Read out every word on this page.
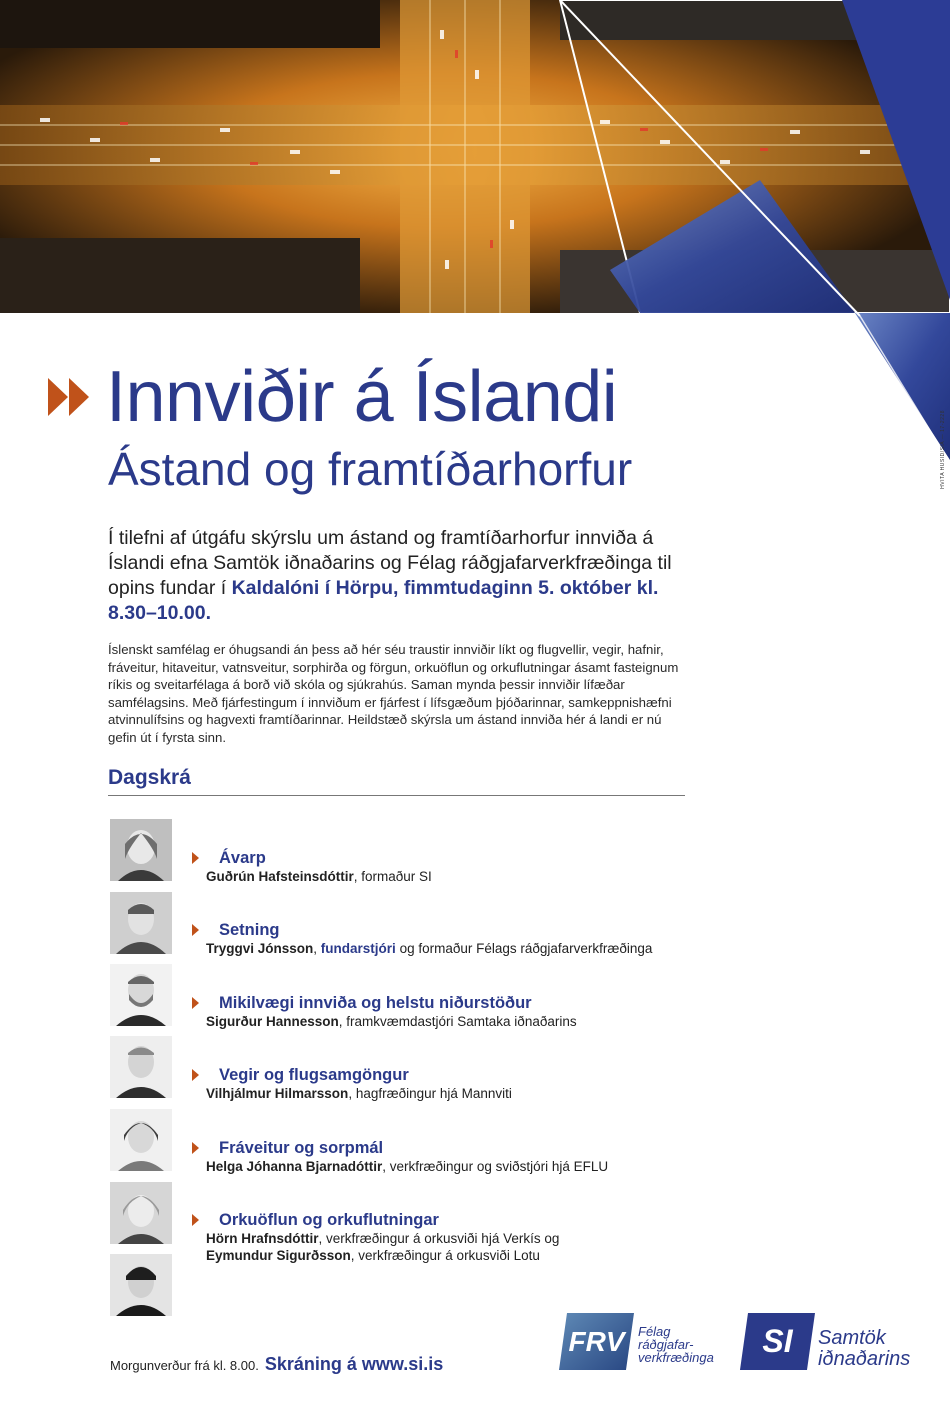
HVITA HUSID/SIA — 17-2228
Innviðir á Íslandi
Ástand og framtíðarhorfur

Í tilefni af útgáfu skýrslu um ástand og framtíðarhorfur innviða á Íslandi efna Samtök iðnaðarins og Félag ráðgjafarverkfræðinga til opins fundar í Kaldalóni í Hörpu, fimmtudaginn 5. október kl. 8.30–10.00.

Íslenskt samfélag er óhugsandi án þess að hér séu traustir innviðir líkt og flugvellir, vegir, hafnir, fráveitur, hitaveitur, vatnsveitur, sorphirða og förgun, orkuöflun og orkuflutningar ásamt fasteignum ríkis og sveitarfélaga á borð við skóla og sjúkrahús. Saman mynda þessir innviðir lífæðar samfélagsins. Með fjárfestingum í innviðum er fjárfest í lífsgæðum þjóðarinnar, samkeppnishæfni atvinnulífsins og hagvexti framtíðarinnar. Heildstæð skýrsla um ástand innviða hér á landi er nú gefin út í fyrsta sinn.

Dagskrá
Ávarp
Guðrún Hafsteinsdóttir, formaður SI
Setning
Tryggvi Jónsson, fundarstjóri og formaður Félags ráðgjafarverkfræðinga
Mikilvægi innviða og helstu niðurstöður
Sigurður Hannesson, framkvæmdastjóri Samtaka iðnaðarins
Vegir og flugsamgöngur
Vilhjálmur Hilmarsson, hagfræðingur hjá Mannviti
Fráveitur og sorpmál
Helga Jóhanna Bjarnadóttir, verkfræðingur og sviðstjóri hjá EFLU
Orkuöflun og orkuflutningar
Hörn Hrafnsdóttir, verkfræðingur á orkusviði hjá Verkís og
Eymundur Sigurðsson, verkfræðingur á orkusviði Lotu
Morgunverður frá kl. 8.00. Skráning á www.si.is
FRV	Félag
ráðgjafar-
verkfræðinga	SI	Samtök
iðnaðarins
